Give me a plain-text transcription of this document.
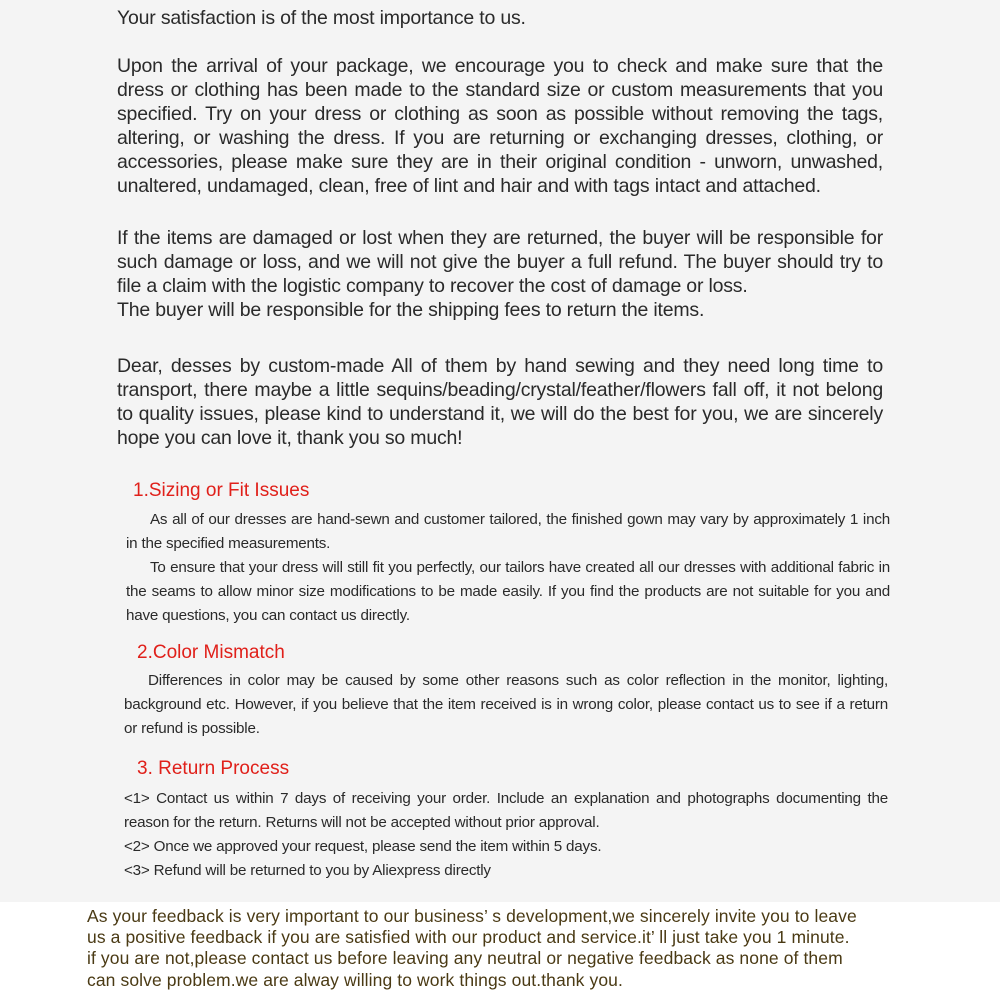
Your satisfaction is of the most importance to us.

Upon the arrival of your package, we encourage you to check and make sure that the dress or clothing has been made to the standard size or custom measurements that you specified. Try on your dress or clothing as soon as possible without removing the tags, altering, or washing the dress. If you are returning or exchanging dresses, clothing, or accessories, please make sure they are in their original condition - unworn, unwashed, unaltered, undamaged, clean, free of lint and hair and with tags intact and attached.

If the items are damaged or lost when they are returned, the buyer will be responsible for such damage or loss, and we will not give the buyer a full refund. The buyer should try to file a claim with the logistic company to recover the cost of damage or loss.
The buyer will be responsible for the shipping fees to return the items.

Dear, desses by custom-made All of them by hand sewing and they need long time to transport, there maybe a little sequins/beading/crystal/feather/flowers fall off, it not belong to quality issues, please kind to understand it, we will do the best for you, we are sincerely hope you can love it, thank you so much!

1.Sizing or Fit Issues
As all of our dresses are hand-sewn and customer tailored, the finished gown may vary by approximately 1 inch in the specified measurements.
To ensure that your dress will still fit you perfectly, our tailors have created all our dresses with additional fabric in the seams to allow minor size modifications to be made easily. If you find the products are not suitable for you and have questions, you can contact us directly.
2.Color Mismatch
Differences in color may be caused by some other reasons such as color reflection in the monitor, lighting, background etc. However, if you believe that the item received is in wrong color, please contact us to see if a return or refund is possible.
3. Return Process
<1> Contact us within 7 days of receiving your order. Include an explanation and photographs documenting the reason for the return. Returns will not be accepted without prior approval.
<2> Once we approved your request, please send the item within 5 days.
<3> Refund will be returned to you by Aliexpress directly
As your feedback is very important to our business’ s development,we sincerely invite you to leave
us a positive feedback if you are satisfied with our product and service.it’ ll just take you 1 minute.
if you are not,please contact us before leaving any neutral or negative feedback as none of them
can solve problem.we are alway willing to work things out.thank you.
